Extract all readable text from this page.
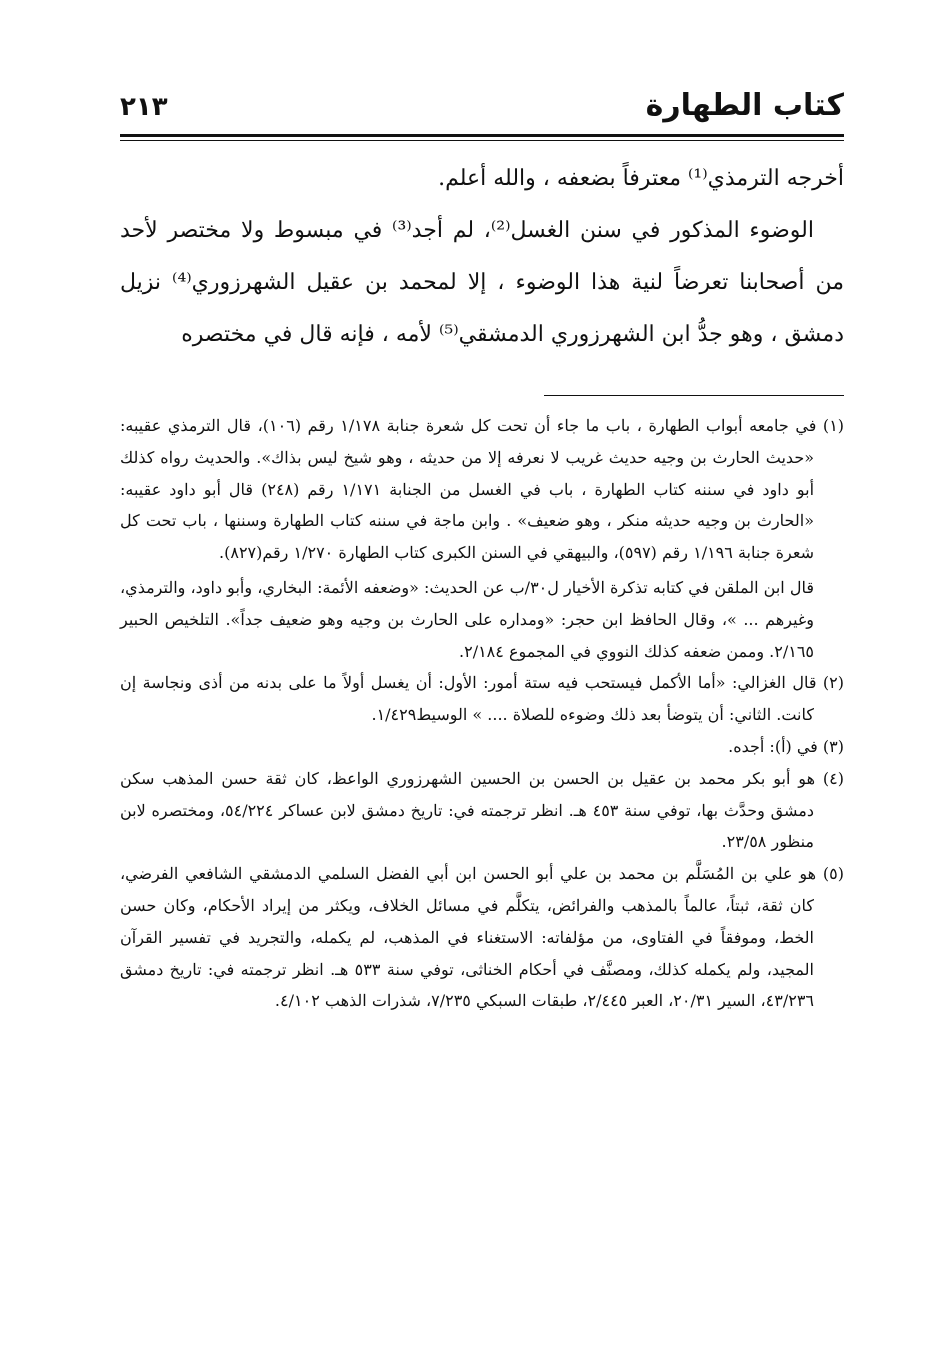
كتاب الطهارة
٢١٣

أخرجه الترمذي⁽¹⁾ معترفاً بضعفه ، والله أعلم.

الوضوء المذكور في سنن الغسل⁽²⁾، لم أجد⁽³⁾ في مبسوط ولا مختصر لأحد من أصحابنا تعرضاً لنية هذا الوضوء ، إلا لمحمد بن عقيل الشهرزوري⁽⁴⁾ نزيل دمشق ، وهو جدُّ ابن الشهرزوري الدمشقي⁽⁵⁾ لأمه ، فإنه قال في مختصره

(١) في جامعه أبواب الطهارة ، باب ما جاء أن تحت كل شعرة جنابة ١/١٧٨ رقم (١٠٦)، قال الترمذي عقيبه: «حديث الحارث بن وجيه حديث غريب لا نعرفه إلا من حديثه ، وهو شيخ ليس بذاك». والحديث رواه كذلك أبو داود في سننه كتاب الطهارة ، باب في الغسل من الجنابة ١/١٧١ رقم (٢٤٨) قال أبو داود عقيبه: «الحارث بن وجيه حديثه منكر ، وهو ضعيف» . وابن ماجة في سننه كتاب الطهارة وسننها ، باب تحت كل شعرة جنابة ١/١٩٦ رقم (٥٩٧)، والبيهقي في السنن الكبرى كتاب الطهارة ١/٢٧٠ رقم(٨٢٧).

قال ابن الملقن في كتابه تذكرة الأخيار ل٣٠/ب عن الحديث: «وضعفه الأئمة: البخاري، وأبو داود، والترمذي، وغيرهم ... »، وقال الحافظ ابن حجر: «ومداره على الحارث بن وجيه وهو ضعيف جداً». التلخيص الحبير ٢/١٦٥. وممن ضعفه كذلك النووي في المجموع ٢/١٨٤.

(٢) قال الغزالي: «أما الأكمل فيستحب فيه ستة أمور: الأول: أن يغسل أولاً ما على بدنه من أذى ونجاسة إن كانت. الثاني: أن يتوضأ بعد ذلك وضوءه للصلاة .... » الوسيط١/٤٢٩.

(٣) في (أ): أجده.

(٤) هو أبو بكر محمد بن عقيل بن الحسن بن الحسين الشهرزوري الواعظ، كان ثقة حسن المذهب سكن دمشق وحدَّث بها، توفي سنة ٤٥٣ هـ. انظر ترجمته في: تاريخ دمشق لابن عساكر ٥٤/٢٢٤، ومختصره لابن منظور ٢٣/٥٨.

(٥) هو علي بن المُسَلَّم بن محمد بن علي أبو الحسن ابن أبي الفضل السلمي الدمشقي الشافعي الفرضي، كان ثقة، ثبتاً، عالماً بالمذهب والفرائض، يتكلَّم في مسائل الخلاف، ويكثر من إيراد الأحكام، وكان حسن الخط، وموفقاً في الفتاوى، من مؤلفاته: الاستغناء في المذهب، لم يكمله، والتجريد في تفسير القرآن المجيد، ولم يكمله كذلك، ومصنَّف في أحكام الخناثى، توفي سنة ٥٣٣ هـ. انظر ترجمته في: تاريخ دمشق ٤٣/٢٣٦، السير ٢٠/٣١، العبر ٢/٤٤٥، طبقات السبكي ٧/٢٣٥، شذرات الذهب ٤/١٠٢.
